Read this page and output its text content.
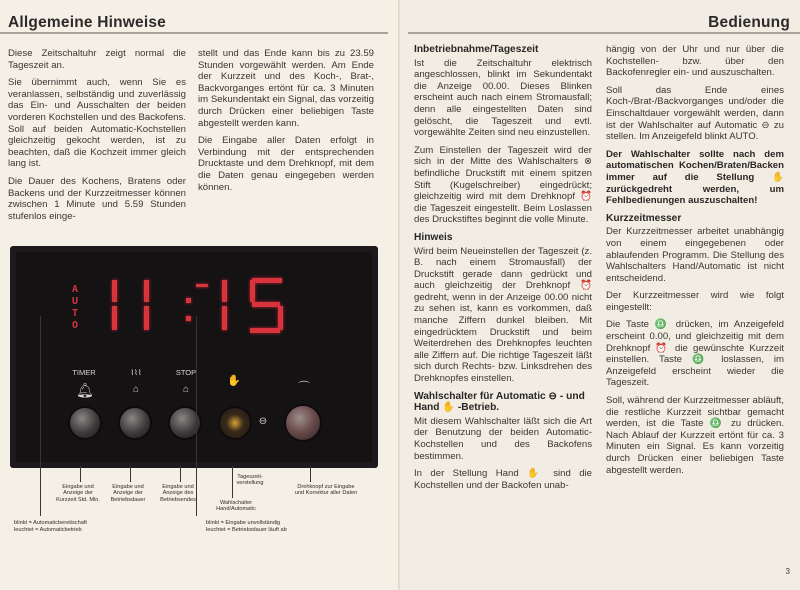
Allgemeine Hinweise

Diese Zeitschaltuhr zeigt normal die Tageszeit an.

Sie übernimmt auch, wenn Sie es veranlassen, selbständig und zuverlässig das Ein- und Ausschalten der beiden vorderen Kochstellen und des Backofens. Soll auf beiden Automatic-Kochstellen gleichzeitig gekocht werden, ist zu beachten, daß die Kochzeit immer gleich lang ist.

Die Dauer des Kochens, Bratens oder Backens und der Kurzzeitmesser können zwischen 1 Minute und 5.59 Stunden stufenlos einge-

stellt und das Ende kann bis zu 23.59 Stunden vorgewählt werden. Am Ende der Kurzzeit und des Koch-, Brat-, Backvorganges ertönt für ca. 3 Minuten im Sekundentakt ein Signal, das vorzeitig durch Drücken einer beliebigen Taste abgestellt werden kann.

Die Eingabe aller Daten erfolgt in Verbindung mit der entsprechenden Drucktaste und dem Drehknopf, mit dem die Daten genau eingegeben werden können.

A
U
T
O
TIMER	⌇⌇⌇	STOP
✋	⌒
🔔︎	⌂	⌂
⊖
Eingabe und Anzeige der Kurzzeit Std. Min.
Eingabe und Anzeige der Betriebsdauer
Eingabe und Anzeige des Betriebsendes
Tageszeit-verstellung
Wahlschalter Hand/Automatic
Drehknopf zur Eingabe und Korrektur aller Daten
blinkt = Automaticbereitschaft
leuchtet = Automaticbetrieb
blinkt = Eingabe unvollständig
leuchtet = Betriebsdauer läuft ab
Bedienung
Inbetriebnahme/Tageszeit

Ist die Zeitschaltuhr elektrisch angeschlossen, blinkt im Sekundentakt die Anzeige 00.00. Dieses Blinken erscheint auch nach einem Stromausfall; denn alle eingestellten Daten sind gelöscht, die Tageszeit und evtl. vorgewählte Zeiten sind neu einzustellen.

Zum Einstellen der Tageszeit wird der sich in der Mitte des Wahlschalters ⊗ befindliche Druckstift mit einem spitzen Stift (Kugelschreiber) eingedrückt; gleichzeitig wird mit dem Drehknopf ⏰ die Tageszeit eingestellt. Beim Loslassen des Druckstiftes beginnt die volle Minute.

Hinweis

Wird beim Neueinstellen der Tageszeit (z. B. nach einem Stromausfall) der Druckstift gerade dann gedrückt und auch gleichzeitig der Drehknopf ⏰ gedreht, wenn in der Anzeige 00.00 nicht zu sehen ist, kann es vorkommen, daß manche Ziffern dunkel bleiben. Mit eingedrücktem Druckstift und beim Weiterdrehen des Drehknopfes leuchten alle Ziffern auf. Die richtige Tageszeit läßt sich durch Rechts- bzw. Linksdrehen des Drehknopfes einstellen.

Wahlschalter für Automatic ⊖ - und Hand ✋ -Betrieb.

Mit diesem Wahlschalter läßt sich die Art der Benutzung der beiden Automatic-Kochstellen und des Backofens bestimmen.

In der Stellung Hand ✋ sind die Kochstellen und der Backofen unab-

hängig von der Uhr und nur über die Kochstellen- bzw. über den Backofenregler ein- und auszuschalten.

Soll das Ende eines Koch-/Brat-/Backvorganges und/oder die Einschaltdauer vorgewählt werden, dann ist der Wahlschalter auf Automatic ⊖ zu stellen. Im Anzeigefeld blinkt AUTO.

Der Wahlschalter sollte nach dem automatischen Kochen/Braten/Backen immer auf die Stellung ✋ zurückgedreht werden, um Fehlbedienungen auszuschalten!

Kurzzeitmesser

Der Kurzzeitmesser arbeitet unabhängig von einem eingegebenen oder ablaufenden Programm. Die Stellung des Wahlschalters Hand/Automatic ist nicht entscheidend.

Der Kurzzeitmesser wird wie folgt eingestellt:

Die Taste ♎ drücken, im Anzeigefeld erscheint 0.00, und gleichzeitig mit dem Drehknopf ⏰ die gewünschte Kurzzeit einstellen. Taste ♎ loslassen, im Anzeigefeld erscheint wieder die Tageszeit.

Soll, während der Kurzzeitmesser abläuft, die restliche Kurzzeit sichtbar gemacht werden, ist die Taste ♎ zu drücken. Nach Ablauf der Kurzzeit ertönt für ca. 3 Minuten ein Signal. Es kann vorzeitig durch Drücken einer beliebigen Taste abgestellt werden.

3
